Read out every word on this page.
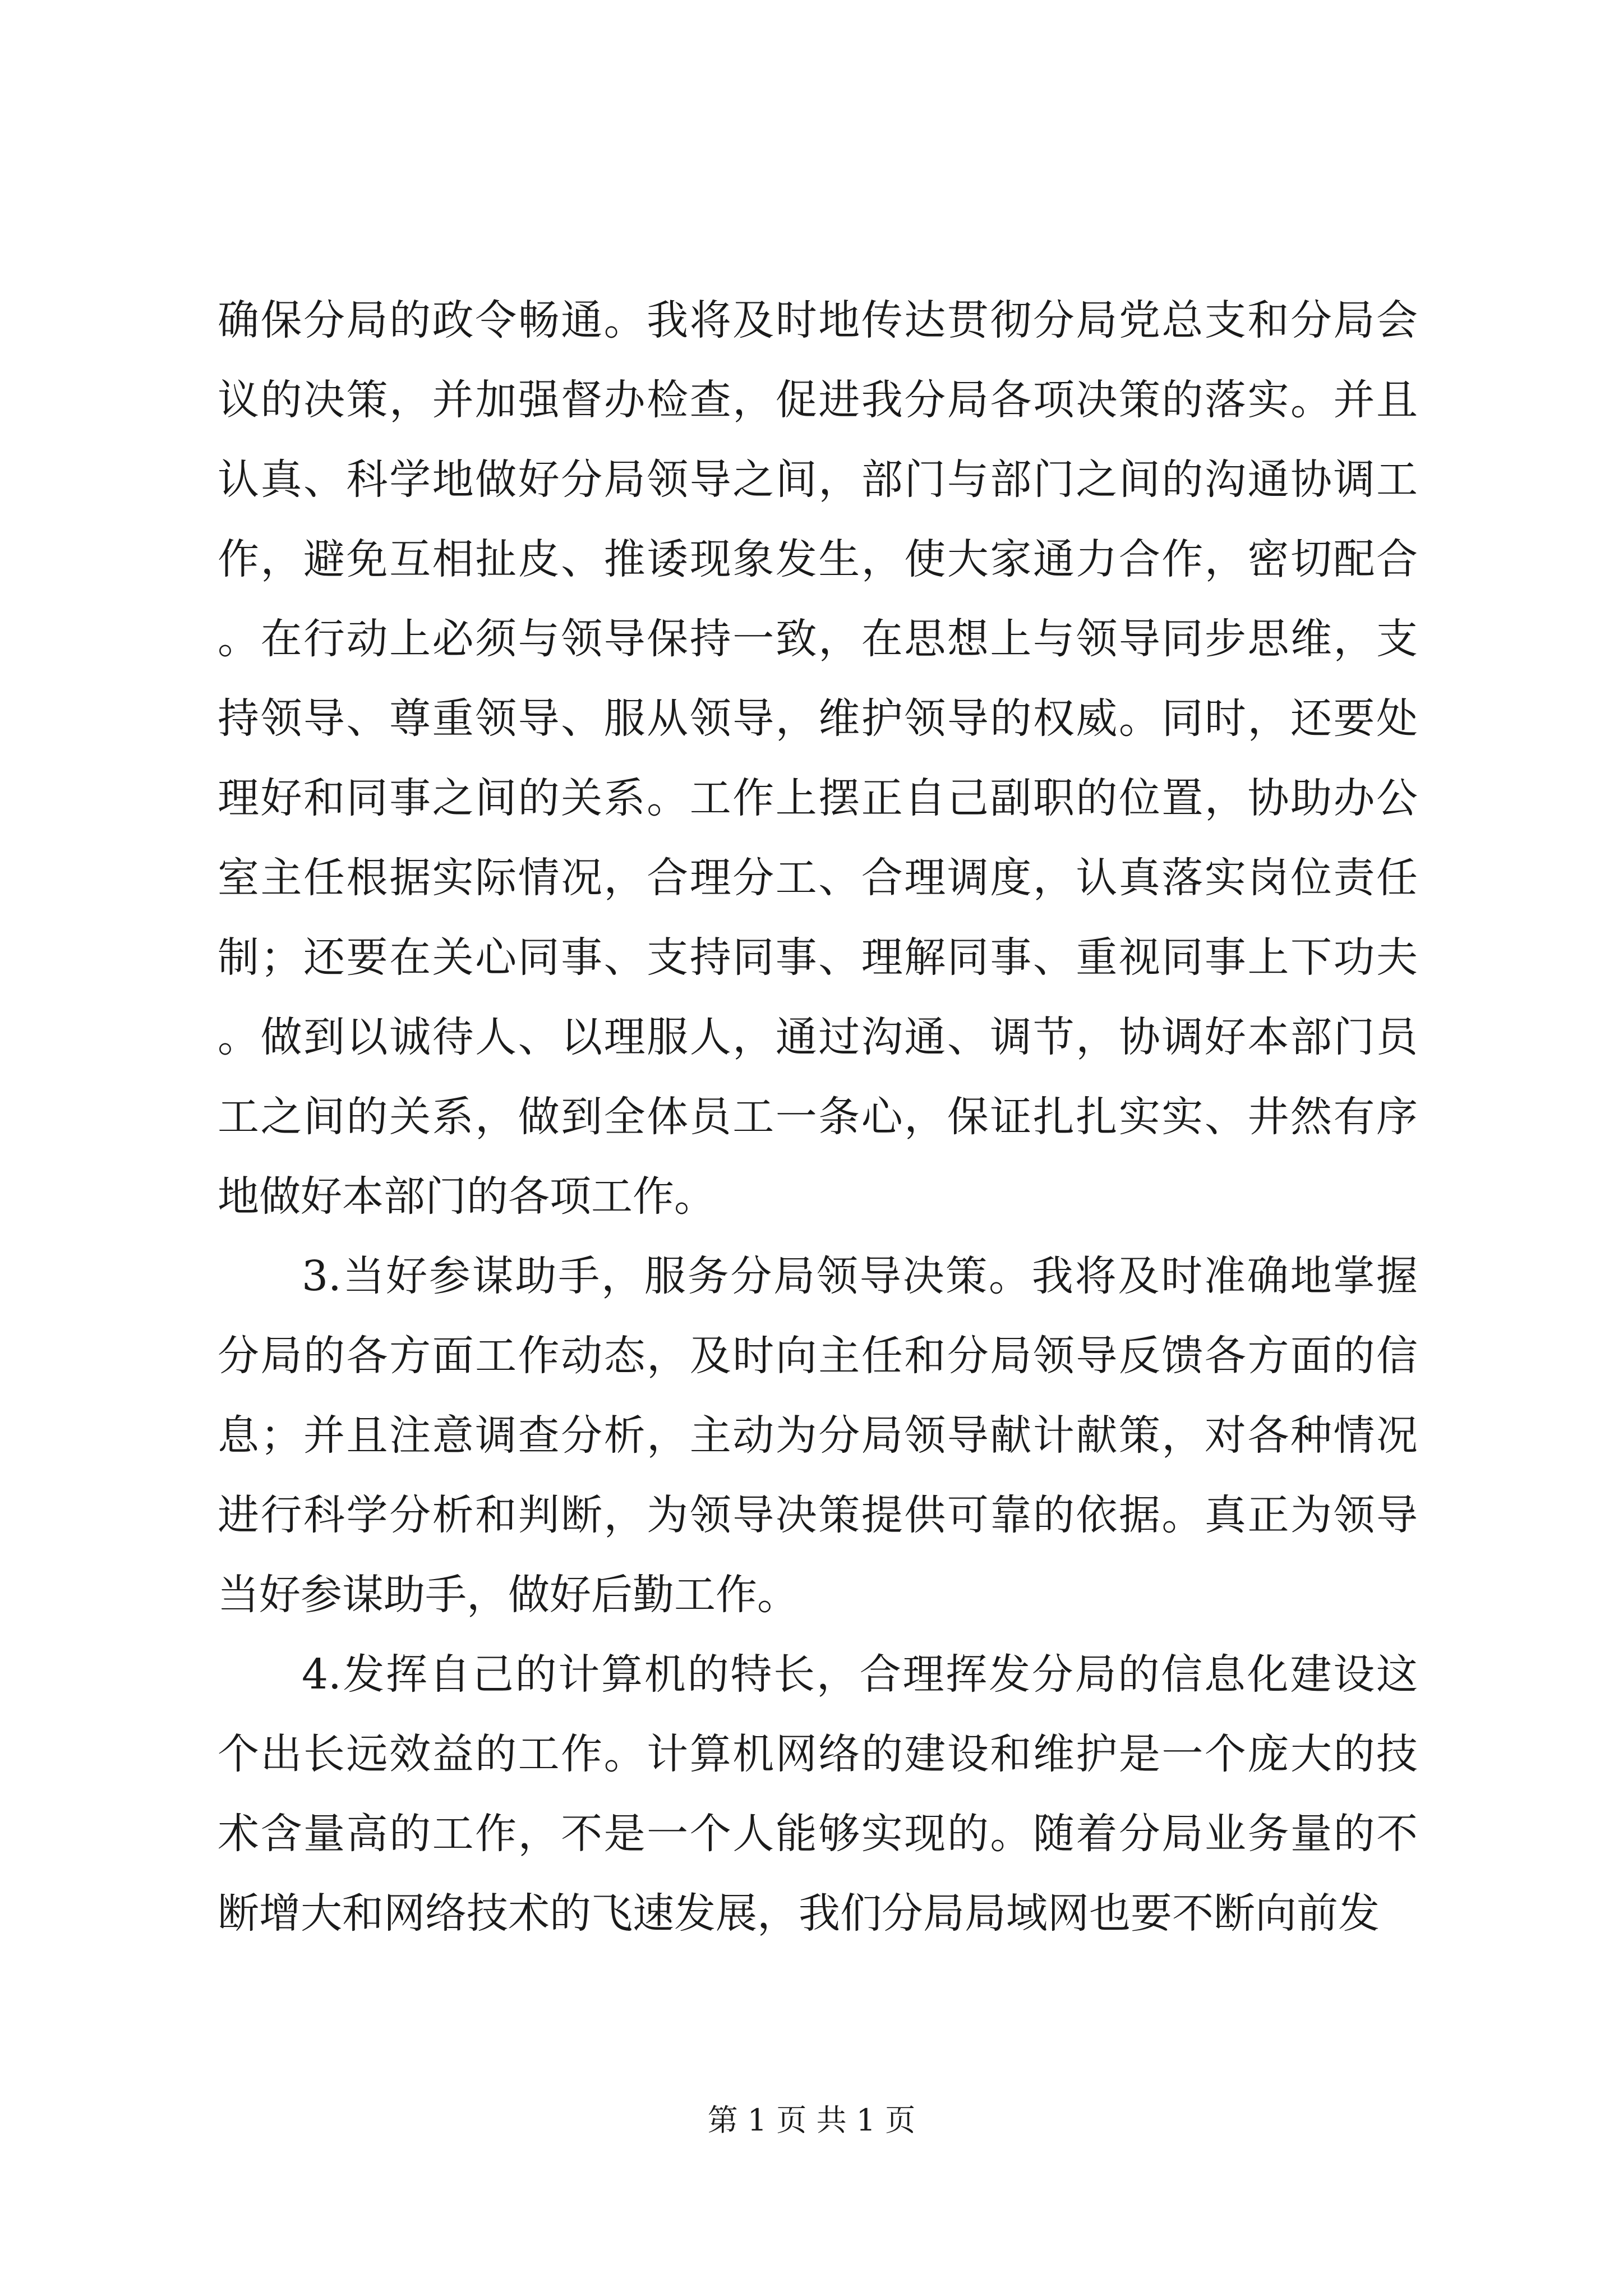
确保分局的政令畅通。我将及时地传达贯彻分局党总支和分局会议的决策，并加强督办检查，促进我分局各项决策的落实。并且认真、科学地做好分局领导之间，部门与部门之间的沟通协调工作，避免互相扯皮、推诿现象发生，使大家通力合作，密切配合。在行动上必须与领导保持一致，在思想上与领导同步思维，支持领导、尊重领导、服从领导，维护领导的权威。同时，还要处理好和同事之间的关系。工作上摆正自己副职的位置，协助办公室主任根据实际情况，合理分工、合理调度，认真落实岗位责任制；还要在关心同事、支持同事、理解同事、重视同事上下功夫。做到以诚待人、以理服人，通过沟通、调节，协调好本部门员工之间的关系，做到全体员工一条心，保证扎扎实实、井然有序地做好本部门的各项工作。

3.当好参谋助手，服务分局领导决策。我将及时准确地掌握分局的各方面工作动态，及时向主任和分局领导反馈各方面的信息；并且注意调查分析，主动为分局领导献计献策，对各种情况进行科学分析和判断，为领导决策提供可靠的依据。真正为领导当好参谋助手，做好后勤工作。

4.发挥自己的计算机的特长，合理挥发分局的信息化建设这个出长远效益的工作。计算机网络的建设和维护是一个庞大的技术含量高的工作，不是一个人能够实现的。随着分局业务量的不断增大和网络技术的飞速发展，我们分局局域网也要不断向前发

第 1 页 共 1 页
